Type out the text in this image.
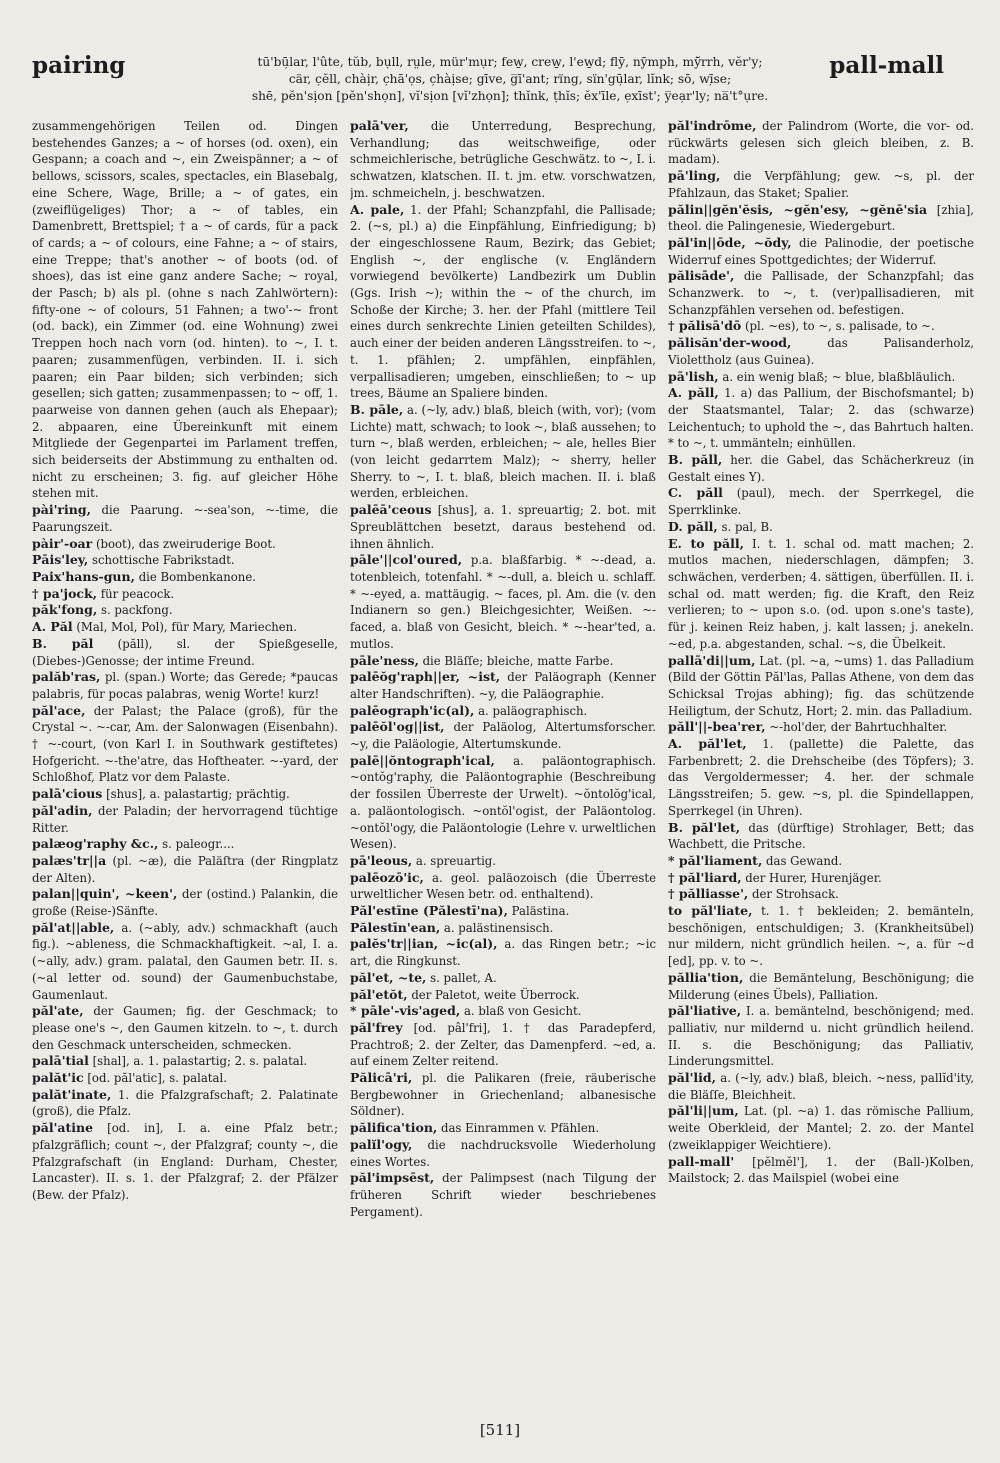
pairing	tū'bū̦lar, l'ûte, tŭb, bụll, rṳle, mür'mụr; few̱, crew̱, l'ew̱d; flȳ, nȳmph, mȳ̆rrh, vĕr'y;
cär, c̦ĕll, chàịr, c̦hā'ọs, c̦hàịse; gīve, g̅ī'ant; rïng, sïn'gū̦lar, lĭnk; sō, wī̦se;
shē, pĕn'sịon [pĕn'shọn], vĭ'sịon [vĭ'zhọn]; thĭnk, ṭhĭs; ĕx'īle, e̦xīst'; y̅ea̦r'ly; na̅'t°ụre.
pall-mall

zusammengehörigen Teilen od. Dingen bestehendes Ganzes; a ~ of horses (od. oxen), ein Gespann; a coach and ~, ein Zweispänner; a ~ of bellows, scissors, scales, spectacles, ein Blasebalg, eine Schere, Wage, Brille; a ~ of gates, ein (zweiflügeliges) Thor; a ~ of tables, ein Damenbrett, Brettspiel; † a ~ of cards, für a pack of cards; a ~ of colours, eine Fahne; a ~ of stairs, eine Treppe; that's another ~ of boots (od. of shoes), das ist eine ganz andere Sache; ~ royal, der Pasch; b) als pl. (ohne s nach Zahlwörtern): fifty-one ~ of colours, 51 Fahnen; a two'-~ front (od. back), ein Zimmer (od. eine Wohnung) zwei Treppen hoch nach vorn (od. hinten). to ~, I. t. paaren; zusammenfügen, verbinden. II. i. sich paaren; ein Paar bilden; sich verbinden; sich gesellen; sich gatten; zusammenpassen; to ~ off, 1. paarweise von dannen gehen (auch als Ehepaar); 2. abpaaren, eine Übereinkunft mit einem Mitgliede der Gegenpartei im Parlament treffen, sich beiderseits der Abstimmung zu enthalten od. nicht zu erscheinen; 3. fig. auf gleicher Höhe stehen mit.

pài'ring, die Paarung. ~-sea'son, ~-time, die Paarungszeit.

pàir'-oar (boot), das zweiruderige Boot.

Pāis'ley, schottische Fabrikstadt.

Paix'hans-gun, die Bombenkanone.

† pa'jock, für peacock.

păk'fong, s. packfong.

A. Păl (Mal, Mol, Pol), für Mary, Mariechen.

B. păl (păll), sl. der Spießgeselle, (Diebes-)Genosse; der intime Freund.

palăb'ras, pl. (span.) Worte; das Gerede; *paucas palabris, für pocas palabras, wenig Worte! kurz!

păl'ace, der Palast; the Palace (groß), für the Crystal ~. ~-car, Am. der Salonwagen (Eisenbahn). † ~-court, (von Karl I. in Southwark gestiftetes) Hofgericht. ~-the'atre, das Hoftheater. ~-yard, der Schloßhof, Platz vor dem Palaste.

palā'cious [shus], a. palastartig; prächtig.

păl'adin, der Paladin; der hervorragend tüchtige Ritter.

palæog'raphy &c., s. paleogr....

palæs'tr||a (pl. ~æ), die Paläſtra (der Ringplatz der Alten).

palan||quin', ~keen', der (ostind.) Palankin, die große (Reise-)Sänfte.

păl'at||able, a. (~ably, adv.) schmackhaft (auch fig.). ~ableness, die Schmackhaftigkeit. ~al, I. a. (~ally, adv.) gram. palatal, den Gaumen betr. II. s. (~al letter od. sound) der Gaumenbuchstabe, Gaumenlaut.

păl'ate, der Gaumen; fig. der Geschmack; to please one's ~, den Gaumen kitzeln. to ~, t. durch den Geschmack unterscheiden, schmecken.

palā'tial [shal], a. 1. palastartig; 2. s. palatal.

palăt'ic [od. păl'atic], s. palatal.

palăt'inate, 1. die Pfalzgrafschaft; 2. Palatinate (groß), die Pfalz.

păl'atine [od. in], I. a. eine Pfalz betr.; pfalzgräflich; count ~, der Pfalzgraf; county ~, die Pfalzgrafschaft (in England: Durham, Chester, Lancaster). II. s. 1. der Pfalzgraf; 2. der Pfälzer (Bew. der Pfalz).

palā'ver, die Unterredung, Besprechung, Verhandlung; das weitschweifige, oder schmeichlerische, betrügliche Geschwätz. to ~, I. i. schwatzen, klatschen. II. t. jm. etw. vorschwatzen, jm. schmeicheln, j. beschwatzen.

A. pale, 1. der Pfahl; Schanzpfahl, die Pallisade; 2. (~s, pl.) a) die Einpfählung, Einfriedigung; b) der eingeschlossene Raum, Bezirk; das Gebiet; English ~, der englische (v. Engländern vorwiegend bevölkerte) Landbezirk um Dublin (Ggs. Irish ~); within the ~ of the church, im Schoße der Kirche; 3. her. der Pfahl (mittlere Teil eines durch senkrechte Linien geteilten Schildes), auch einer der beiden anderen Längsstreifen. to ~, t. 1. pfählen; 2. umpfählen, einpfählen, verpallisadieren; umgeben, einschließen; to ~ up trees, Bäume an Spaliere binden.

B. pāle, a. (~ly, adv.) blaß, bleich (with, vor); (vom Lichte) matt, schwach; to look ~, blaß aussehen; to turn ~, blaß werden, erbleichen; ~ ale, helles Bier (von leicht gedarrtem Malz); ~ sherry, heller Sherry. to ~, I. t. blaß, bleich machen. II. i. blaß werden, erbleichen.

palēā'ceous [shus], a. 1. spreuartig; 2. bot. mit Spreublättchen besetzt, daraus bestehend od. ihnen ähnlich.

pāle'||col'oured, p.a. blaßfarbig. * ~-dead, a. totenbleich, totenfahl. * ~-dull, a. bleich u. schlaff. * ~-eyed, a. mattäugig. ~ faces, pl. Am. die (v. den Indianern so gen.) Bleichgesichter, Weißen. ~-faced, a. blaß von Gesicht, bleich. * ~-hear'ted, a. mutlos.

pāle'ness, die Bläſſe; bleiche, matte Farbe.

palēŏg'raph||er, ~ist, der Paläograph (Kenner alter Handschriften). ~y, die Paläographie.

palēograph'ic(al), a. paläographisch.

palēŏl'og||ist, der Paläolog, Altertumsforscher. ~y, die Paläologie, Altertumskunde.

palē||ŏntograph'ical, a. paläontographisch. ~ontŏg'raphy, die Paläontographie (Beschreibung der fossilen Überreste der Urwelt). ~ŏntolŏg'ical, a. paläontologisch. ~ontŏl'ogist, der Paläontolog. ~ontŏl'ogy, die Paläontologie (Lehre v. urweltlichen Wesen).

pā'leous, a. spreuartig.

palēozō'ic, a. geol. paläozoisch (die Überreste urweltlicher Wesen betr. od. enthaltend).

Păl'estīne (Pălestī'na), Palästina.

Pălestīn'ean, a. palästinensisch.

palĕs'tr||ian, ~ic(al), a. das Ringen betr.; ~ic art, die Ringkunst.

păl'et, ~te, s. pallet, A.

păl'etŏt, der Paletot, weite Überrock.

* pāle'-vis'aged, a. blaß von Gesicht.

păl'frey [od. pâl'fri], 1. † das Paradepferd, Prachtroß; 2. der Zelter, das Damenpferd. ~ed, a. auf einem Zelter reitend.

Pălicā'ri, pl. die Palikaren (freie, räuberische Bergbewohner in Griechenland; albanesische Söldner).

pălifica'tion, das Einrammen v. Pfählen.

palĭl'ogy, die nachdrucksvolle Wiederholung eines Wortes.

păl'impsēst, der Palimpsest (nach Tilgung der früheren Schrift wieder beschriebenes Pergament).

păl'indrōme, der Palindrom (Worte, die vor- od. rückwärts gelesen sich gleich bleiben, z. B. madam).

pā'ling, die Verpfählung; gew. ~s, pl. der Pfahlzaun, das Staket; Spalier.

pălin||gĕn'ĕsis, ~gĕn'esy, ~gĕnē'sia [zhia], theol. die Palingenesie, Wiedergeburt.

păl'in||ōde, ~ŏdy, die Palinodie, der poetische Widerruf eines Spottgedichtes; der Widerruf.

pălisāde', die Pallisade, der Schanzpfahl; das Schanzwerk. to ~, t. (ver)pallisadieren, mit Schanzpfählen versehen od. befestigen.

† pălisā'dō (pl. ~es), to ~, s. palisade, to ~.

pălisăn'der-wood,	das Palisanderholz, Violettholz (aus Guinea).

pā'lish, a. ein wenig blaß; ~ blue, blaßbläulich.

A. păll, 1. a) das Pallium, der Bischofsmantel; b) der Staatsmantel, Talar; 2. das (schwarze) Leichentuch; to uphold the ~, das Bahrtuch halten. * to ~, t. ummänteln; einhüllen.

B. păll, her. die Gabel, das Schächerkreuz (in Gestalt eines Y).

C. păll (paul), mech. der Sperrkegel, die Sperrklinke.

D. păll, s. pal, B.

E. to păll, I. t. 1. schal od. matt machen; 2. mutlos machen, niederschlagen, dämpfen; 3. schwächen, verderben; 4. sättigen, überfüllen. II. i. schal od. matt werden; fig. die Kraft, den Reiz verlieren; to ~ upon s.o. (od. upon s.one's taste), für j. keinen Reiz haben, j. kalt lassen; j. anekeln. ~ed, p.a. abgestanden, schal. ~s, die Übelkeit.

pallā'di||um, Lat. (pl. ~a, ~ums) 1. das Palladium (Bild der Göttin Păl'las, Pallas Athene, von dem das Schicksal Trojas abhing); fig. das schützende Heiligtum, der Schutz, Hort; 2. min. das Palladium.

păll'||-bea'rer, ~-hol'der, der Bahrtuchhalter.

A. păl'let, 1. (pallette) die Palette, das Farbenbrett; 2. die Drehscheibe (des Töpfers); 3. das Vergoldermesser; 4. her. der schmale Längsstreifen; 5. gew. ~s, pl. die Spindellappen, Sperrkegel (in Uhren).

B. păl'let, das (dürftige) Strohlager, Bett; das Wachbett, die Pritsche.

* păl'liament, das Gewand.

† păl'liard, der Hurer, Hurenjäger.

† pălliasse', der Strohsack.

to păl'liate, t. 1. † bekleiden; 2. bemänteln, beschönigen, entschuldigen; 3. (Krankheitsübel) nur mildern, nicht gründlich heilen. ~, a. für ~d [ed], pp. v. to ~.

păllia'tion, die Bemäntelung, Beschönigung; die Milderung (eines Übels), Palliation.

păl'liative, I. a. bemäntelnd, beschönigend; med. palliativ, nur mildernd u. nicht gründlich heilend. II. s. die Beschönigung; das Palliativ, Linderungsmittel.

păl'lid, a. (~ly, adv.) blaß, bleich. ~ness, pallĭd'ity, die Bläſſe, Bleichheit.

păl'li||um, Lat. (pl. ~a) 1. das römische Pallium, weite Oberkleid, der Mantel; 2. zo. der Mantel (zweiklappiger Weichtiere).

pall-mall' [pĕlmĕl'], 1. der (Ball-)Kolben, Mailstock; 2. das Mailspiel (wobei eine

[511]
